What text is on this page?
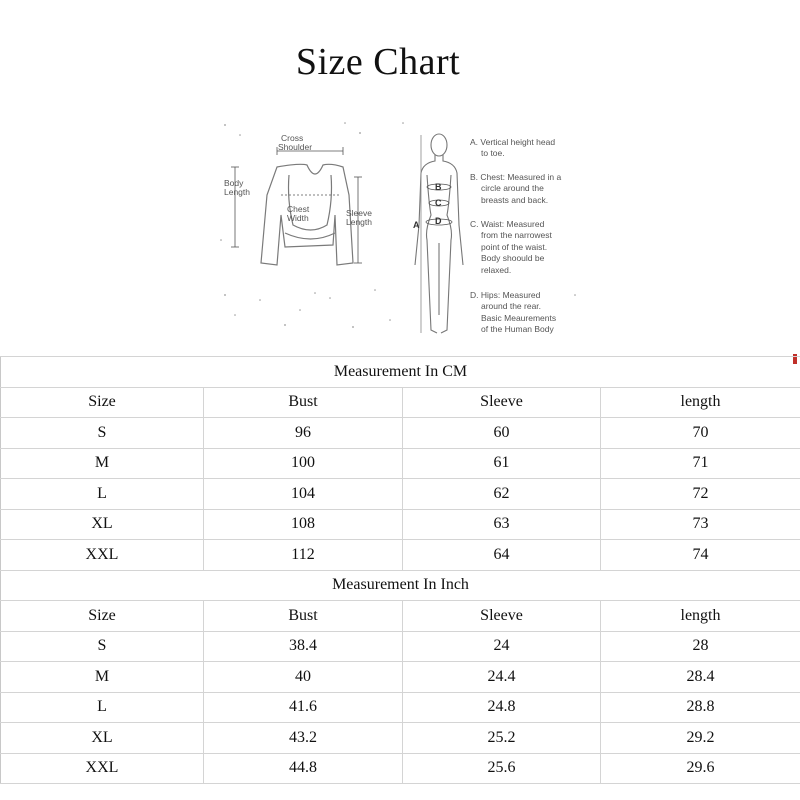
Size Chart
Cross
Shoulder
Body
Length
Chest
Width	Sleeve
Length	A
B
C
D
A. Vertical height head
to toe.
B. Chest: Measured in a
circle around the
breasts and back.
C. Waist: Measured
from the narrowest
point of the waist.
Body shoould be
relaxed.
D. Hips: Measured
around the rear.
Basic Meaurements
of the Human Body
Measurement In CM			
Size	Bust	Sleeve	length
S	96	60	70
M	100	61	71
L	104	62	72
XL	108	63	73
XXL	112	64	74
Measurement In Inch			
Size	Bust	Sleeve	length
S	38.4	24	28
M	40	24.4	28.4
L	41.6	24.8	28.8
XL	43.2	25.2	29.2
XXL	44.8	25.6	29.6
